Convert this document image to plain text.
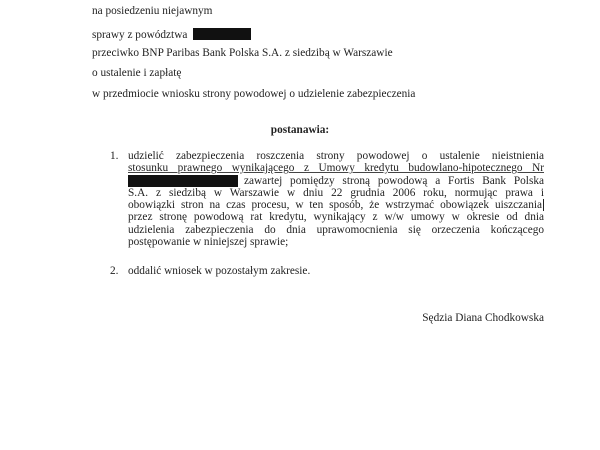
na posiedzeniu niejawnym
sprawy z powództwa
przeciwko BNP Paribas Bank Polska S.A. z siedzibą w Warszawie
o ustalenie i zapłatę
w przedmiocie wniosku strony powodowej o udzielenie zabezpieczenia
postanawia:
1. udzielić zabezpieczenia roszczenia strony powodowej o ustalenie nieistnienia
stosunku prawnego wynikającego z Umowy kredytu budowlano-hipotecznego Nr
zawartej pomiędzy stroną powodową a Fortis Bank Polska
S.A. z siedzibą w Warszawie w dniu 22 grudnia 2006 roku, normując prawa i
obowiązki stron na czas procesu, w ten sposób, że wstrzymać obowiązek uiszczania
przez stronę powodową rat kredytu, wynikający z w/w umowy w okresie od dnia
udzielenia zabezpieczenia do dnia uprawomocnienia się orzeczenia kończącego
postępowanie w niniejszej sprawie;
2. oddalić wniosek w pozostałym zakresie.
Sędzia Diana Chodkowska
